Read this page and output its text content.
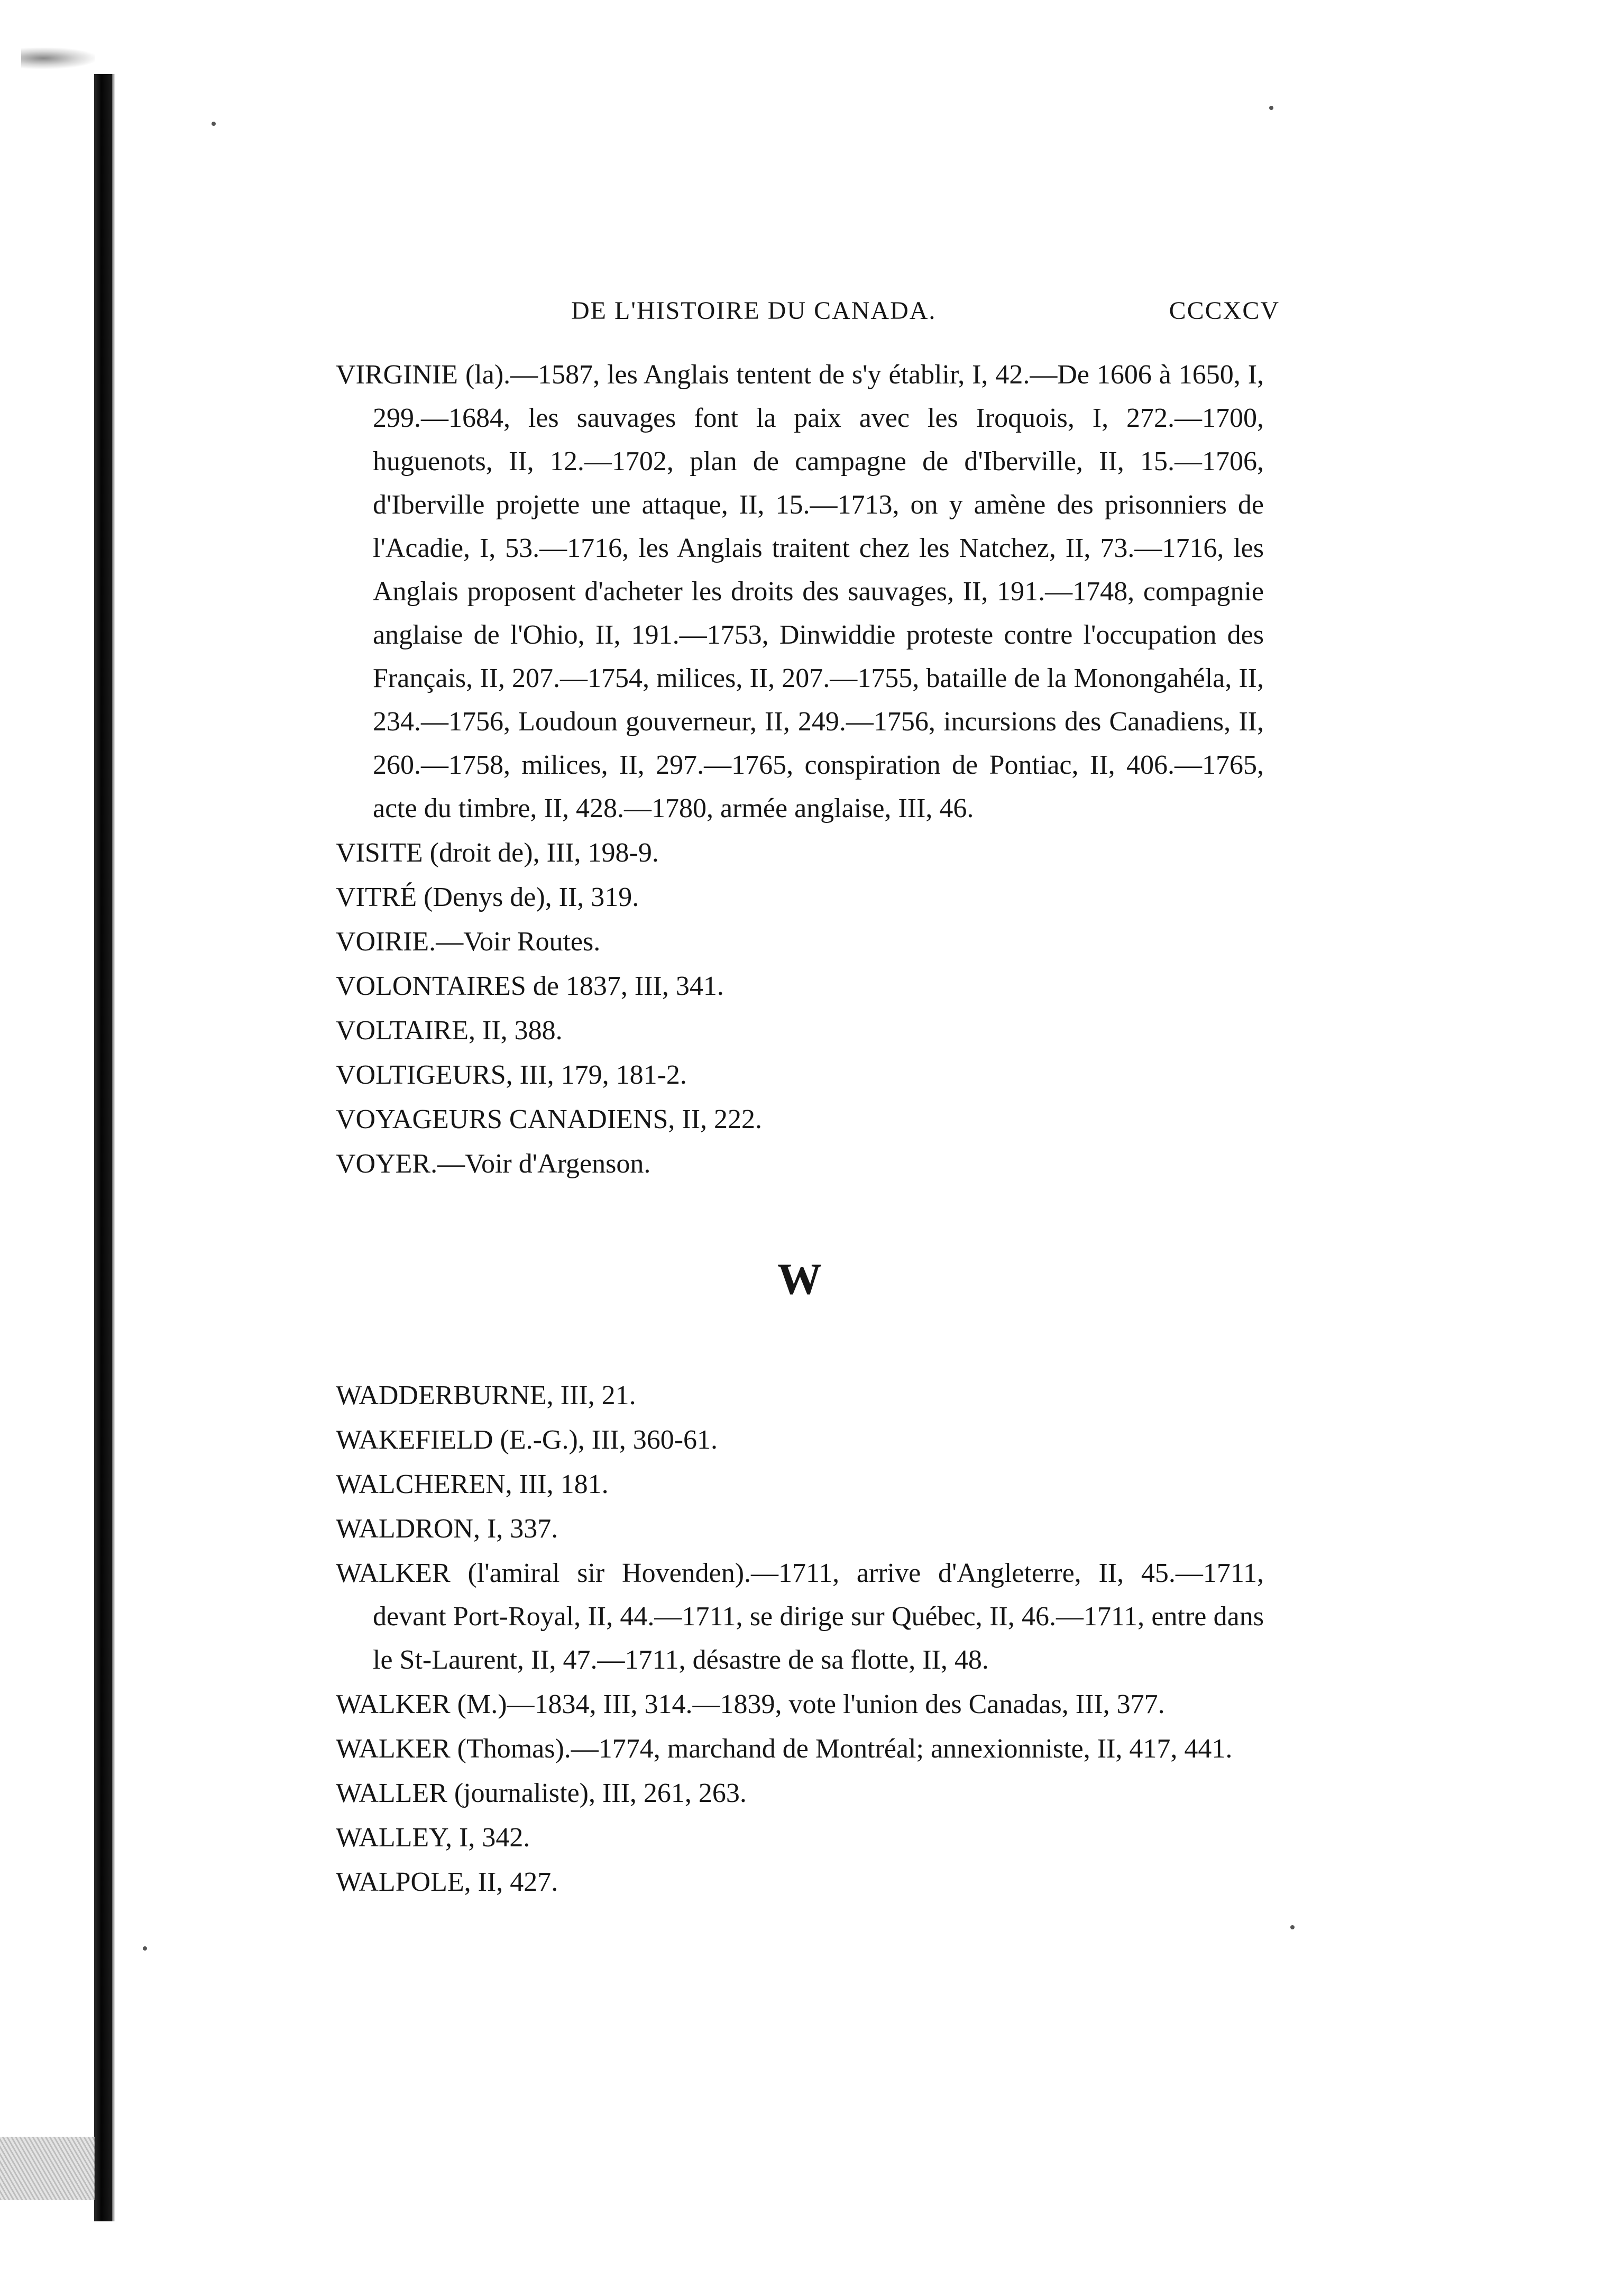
DE L'HISTOIRE DU CANADA.	CCCXCV

VIRGINIE (la).—1587, les Anglais tentent de s'y établir, I, 42.—De 1606 à 1650, I, 299.—1684, les sauvages font la paix avec les Iroquois, I, 272.—1700, huguenots, II, 12.—1702, plan de campagne de d'Iberville, II, 15.—1706, d'Iberville projette une attaque, II, 15.—1713, on y amène des prisonniers de l'Acadie, I, 53.—1716, les Anglais traitent chez les Natchez, II, 73.—1716, les Anglais proposent d'acheter les droits des sauvages, II, 191.—1748, compagnie anglaise de l'Ohio, II, 191.—1753, Dinwiddie proteste contre l'occupation des Français, II, 207.—1754, milices, II, 207.—1755, bataille de la Monongahéla, II, 234.—1756, Loudoun gouverneur, II, 249.—1756, incursions des Canadiens, II, 260.—1758, milices, II, 297.—1765, conspiration de Pontiac, II, 406.—1765, acte du timbre, II, 428.—1780, armée anglaise, III, 46.

VISITE (droit de), III, 198-9.

VITRÉ (Denys de), II, 319.

VOIRIE.—Voir Routes.

VOLONTAIRES de 1837, III, 341.

VOLTAIRE, II, 388.

VOLTIGEURS, III, 179, 181-2.

VOYAGEURS CANADIENS, II, 222.

VOYER.—Voir d'Argenson.

W

WADDERBURNE, III, 21.

WAKEFIELD (E.-G.), III, 360-61.

WALCHEREN, III, 181.

WALDRON, I, 337.

WALKER (l'amiral sir Hovenden).—1711, arrive d'Angleterre, II, 45.—1711, devant Port-Royal, II, 44.—1711, se dirige sur Québec, II, 46.—1711, entre dans le St-Laurent, II, 47.—1711, désastre de sa flotte, II, 48.

WALKER (M.)—1834, III, 314.—1839, vote l'union des Canadas, III, 377.

WALKER (Thomas).—1774, marchand de Montréal; annexionniste, II, 417, 441.

WALLER (journaliste), III, 261, 263.

WALLEY, I, 342.

WALPOLE, II, 427.
